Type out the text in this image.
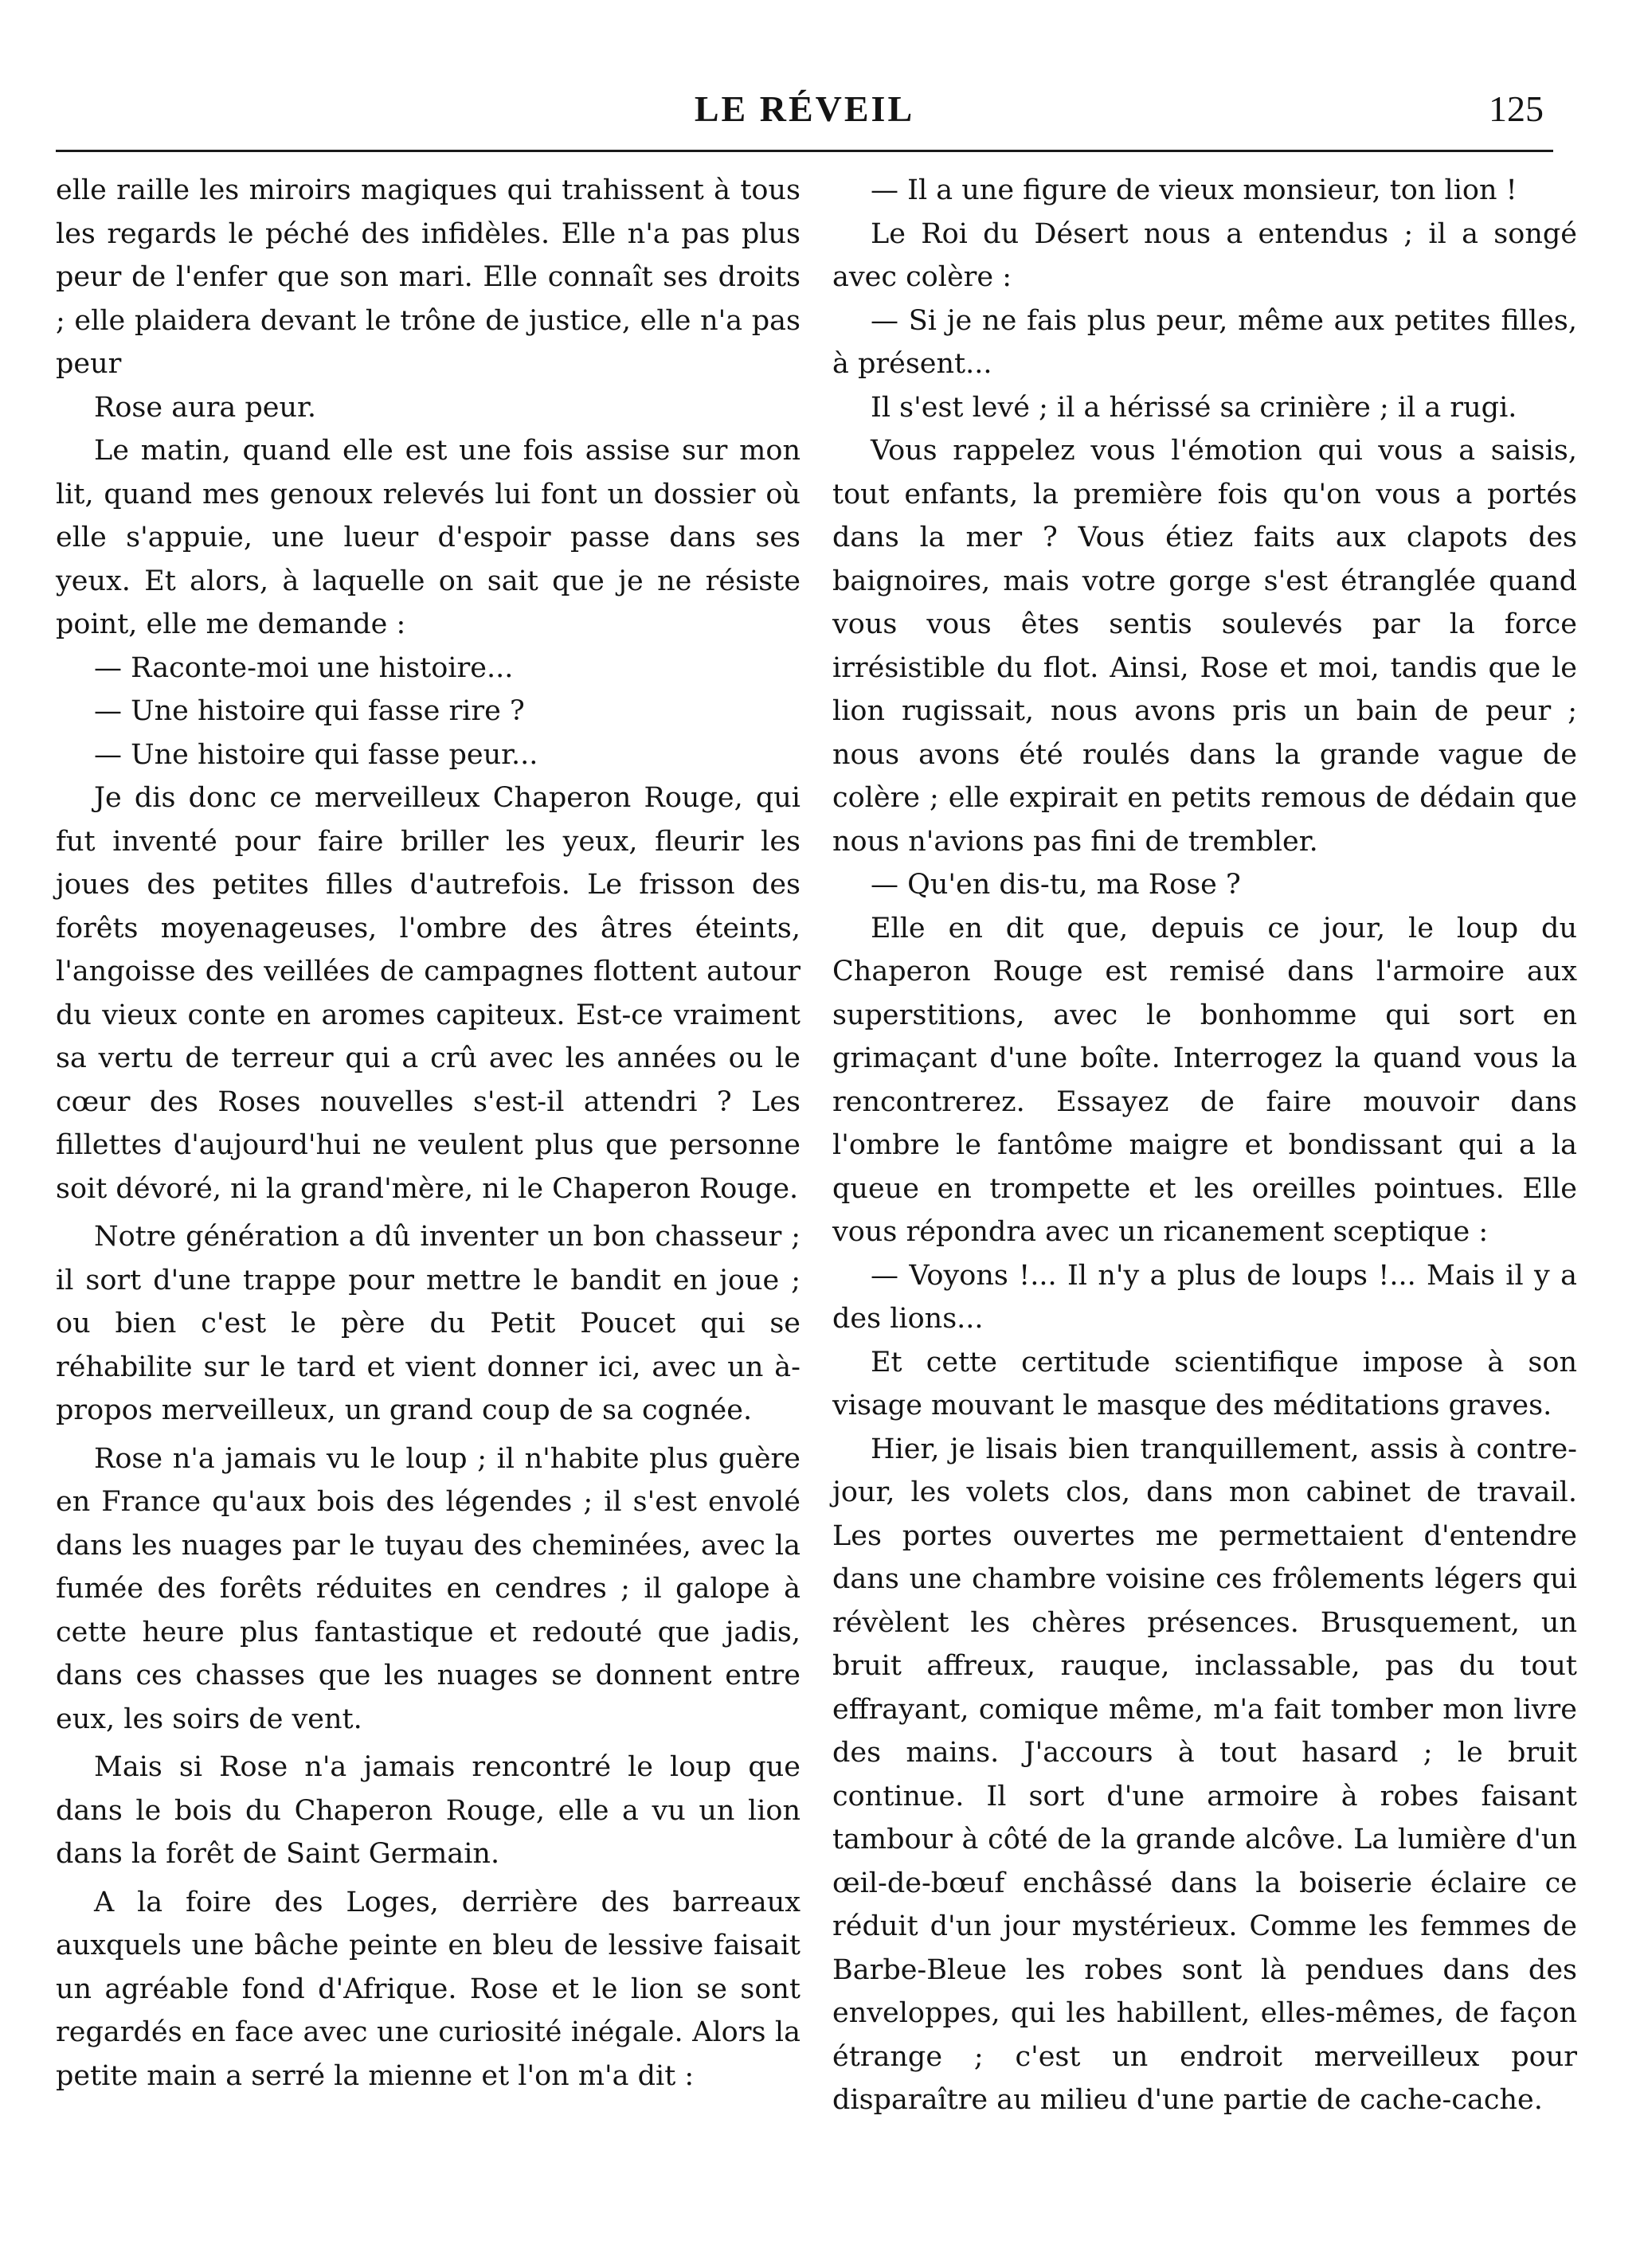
LE RÉVEIL	125

elle raille les miroirs magiques qui trahissent à tous les regards le péché des infidèles. Elle n'a pas plus peur de l'enfer que son mari. Elle connaît ses droits ; elle plaidera devant le trône de justice, elle n'a pas peur

Rose aura peur.

Le matin, quand elle est une fois assise sur mon lit, quand mes genoux relevés lui font un dossier où elle s'appuie, une lueur d'espoir passe dans ses yeux. Et alors, à laquelle on sait que je ne résiste point, elle me demande :

— Raconte-moi une histoire...

— Une histoire qui fasse rire ?

— Une histoire qui fasse peur...

Je dis donc ce merveilleux Chaperon Rouge, qui fut inventé pour faire briller les yeux, fleurir les joues des petites filles d'autrefois. Le frisson des forêts moyenageuses, l'ombre des âtres éteints, l'angoisse des veillées de campagnes flottent autour du vieux conte en aromes capiteux. Est-ce vraiment sa vertu de terreur qui a crû avec les années ou le cœur des Roses nouvelles s'est-il attendri ? Les fillettes d'aujourd'hui ne veulent plus que personne soit dévoré, ni la grand'mère, ni le Chaperon Rouge.

Notre génération a dû inventer un bon chasseur ; il sort d'une trappe pour mettre le bandit en joue ; ou bien c'est le père du Petit Poucet qui se réhabilite sur le tard et vient donner ici, avec un à-propos merveilleux, un grand coup de sa cognée.

Rose n'a jamais vu le loup ; il n'habite plus guère en France qu'aux bois des légendes ; il s'est envolé dans les nuages par le tuyau des cheminées, avec la fumée des forêts réduites en cendres ; il galope à cette heure plus fantastique et redouté que jadis, dans ces chasses que les nuages se donnent entre eux, les soirs de vent.

Mais si Rose n'a jamais rencontré le loup que dans le bois du Chaperon Rouge, elle a vu un lion dans la forêt de Saint Germain.

A la foire des Loges, derrière des barreaux auxquels une bâche peinte en bleu de lessive faisait un agréable fond d'Afrique. Rose et le lion se sont regardés en face avec une curiosité inégale. Alors la petite main a serré la mienne et l'on m'a dit :

— Il a une figure de vieux monsieur, ton lion !

Le Roi du Désert nous a entendus ; il a songé avec colère :

— Si je ne fais plus peur, même aux petites filles, à présent...

Il s'est levé ; il a hérissé sa crinière ; il a rugi.

Vous rappelez vous l'émotion qui vous a saisis, tout enfants, la première fois qu'on vous a portés dans la mer ? Vous étiez faits aux clapots des baignoires, mais votre gorge s'est étranglée quand vous vous êtes sentis soulevés par la force irrésistible du flot. Ainsi, Rose et moi, tandis que le lion rugissait, nous avons pris un bain de peur ; nous avons été roulés dans la grande vague de colère ; elle expirait en petits remous de dédain que nous n'avions pas fini de trembler.

— Qu'en dis-tu, ma Rose ?

Elle en dit que, depuis ce jour, le loup du Chaperon Rouge est remisé dans l'armoire aux superstitions, avec le bonhomme qui sort en grimaçant d'une boîte. Interrogez la quand vous la rencontrerez. Essayez de faire mouvoir dans l'ombre le fantôme maigre et bondissant qui a la queue en trompette et les oreilles pointues. Elle vous répondra avec un ricanement sceptique :

— Voyons !... Il n'y a plus de loups !... Mais il y a des lions...

Et cette certitude scientifique impose à son visage mouvant le masque des méditations graves.

Hier, je lisais bien tranquillement, assis à contre-jour, les volets clos, dans mon cabinet de travail. Les portes ouvertes me permettaient d'entendre dans une chambre voisine ces frôlements légers qui révèlent les chères présences. Brusquement, un bruit affreux, rauque, inclassable, pas du tout effrayant, comique même, m'a fait tomber mon livre des mains. J'accours à tout hasard ; le bruit continue. Il sort d'une armoire à robes faisant tambour à côté de la grande alcôve. La lumière d'un œil-de-bœuf enchâssé dans la boiserie éclaire ce réduit d'un jour mystérieux. Comme les femmes de Barbe-Bleue les robes sont là pendues dans des enveloppes, qui les habillent, elles-mêmes, de façon étrange ; c'est un endroit merveilleux pour disparaître au milieu d'une partie de cache-cache.
